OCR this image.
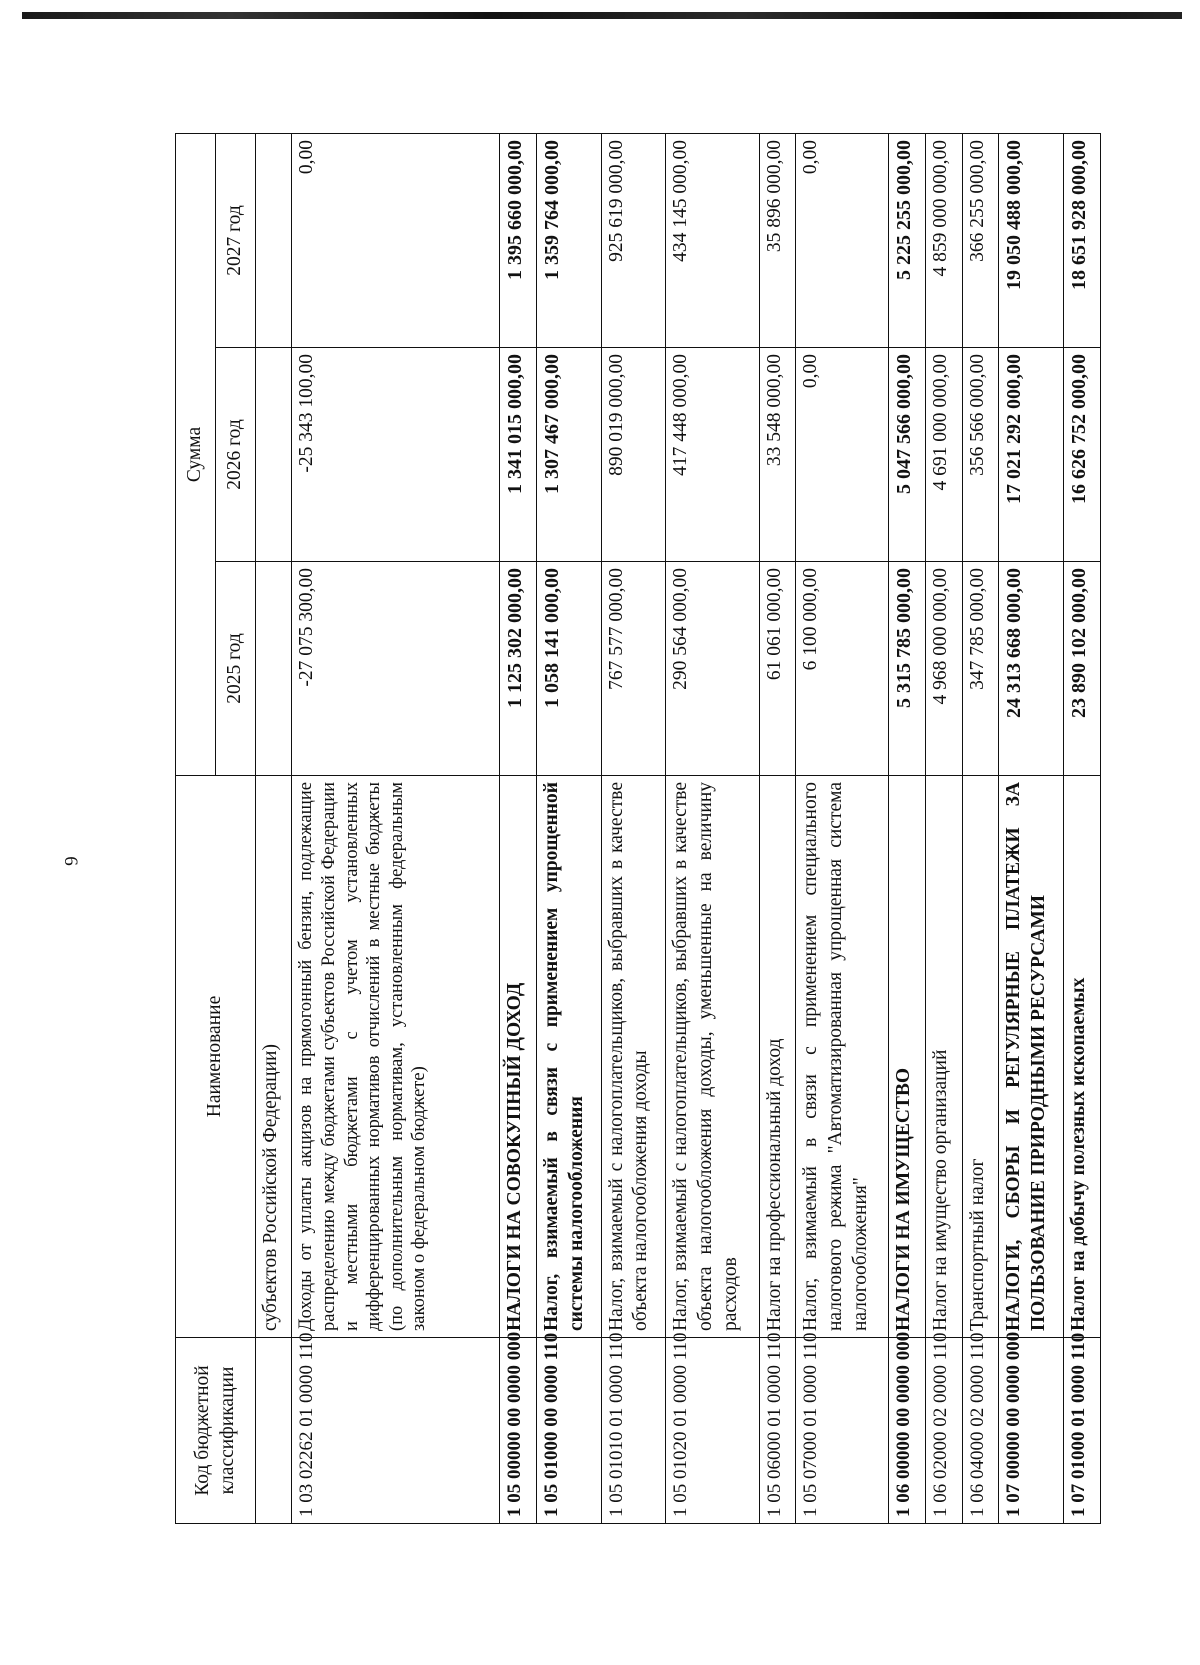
6
Код бюджетной классификации	Наименование	Сумма		
		2025 год	2026 год	2027 год
	субъектов Российской Федерации)			
1 03 02262 01 0000 110	Доходы от уплаты акцизов на прямогонный бензин, подлежащие распределению между бюджетами субъектов Российской Федерации и местными бюджетами с учетом установленных дифференцированных нормативов отчислений в местные бюджеты (по дополнительным нормативам, установленным федеральным законом о федеральном бюджете)	-27 075 300,00	-25 343 100,00	0,00
1 05 00000 00 0000 000	НАЛОГИ НА СОВОКУПНЫЙ ДОХОД	1 125 302 000,00	1 341 015 000,00	1 395 660 000,00
1 05 01000 00 0000 110	Налог, взимаемый в связи с применением упрощенной системы налогообложения	1 058 141 000,00	1 307 467 000,00	1 359 764 000,00
1 05 01010 01 0000 110	Налог, взимаемый с налогоплательщиков, выбравших в качестве объекта налогообложения доходы	767 577 000,00	890 019 000,00	925 619 000,00
1 05 01020 01 0000 110	Налог, взимаемый с налогоплательщиков, выбравших в качестве объекта налогообложения доходы, уменьшенные на величину расходов	290 564 000,00	417 448 000,00	434 145 000,00
1 05 06000 01 0000 110	Налог на профессиональный доход	61 061 000,00	33 548 000,00	35 896 000,00
1 05 07000 01 0000 110	Налог, взимаемый в связи с применением специального налогового режима "Автоматизированная упрощенная система налогообложения"	6 100 000,00	0,00	0,00
1 06 00000 00 0000 000	НАЛОГИ НА ИМУЩЕСТВО	5 315 785 000,00	5 047 566 000,00	5 225 255 000,00
1 06 02000 02 0000 110	Налог на имущество организаций	4 968 000 000,00	4 691 000 000,00	4 859 000 000,00
1 06 04000 02 0000 110	Транспортный налог	347 785 000,00	356 566 000,00	366 255 000,00
1 07 00000 00 0000 000	НАЛОГИ, СБОРЫ И РЕГУЛЯРНЫЕ ПЛАТЕЖИ ЗА ПОЛЬЗОВАНИЕ ПРИРОДНЫМИ РЕСУРСАМИ	24 313 668 000,00	17 021 292 000,00	19 050 488 000,00
1 07 01000 01 0000 110	Налог на добычу полезных ископаемых	23 890 102 000,00	16 626 752 000,00	18 651 928 000,00
